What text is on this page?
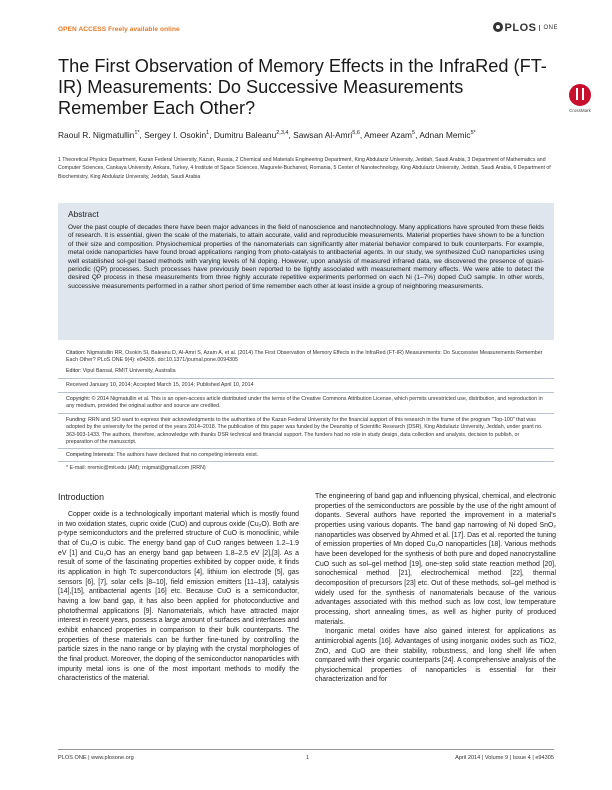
OPEN ACCESS Freely available online	PLOS ONE
The First Observation of Memory Effects in the InfraRed (FT-IR) Measurements: Do Successive Measurements Remember Each Other?	CrossMark
Raoul R. Nigmatullin$^{1*}$, Sergey I. Osokin$^1$, Dumitru Baleanu$^{2,3,4}$, Sawsan Al-Amri$^{5,6}$, Ameer Azam$^5$, Adnan Memic$^{5*}$
1 Theoretical Physics Department, Kazan Federal University, Kazan, Russia, 2 Chemical and Materials Engineering Department, King Abdulaziz University, Jeddah, Saudi Arabia, 3 Department of Mathematics and Computer Sciences, Cankaya University, Ankara, Turkey, 4 Institute of Space Sciences, Magurele-Bucharest, Romania, 5 Center of Nanotechnology, King Abdulaziz University, Jeddah, Saudi Arabia, 6 Department of Biochemistry, King Abdulaziz University, Jeddah, Saudi Arabia
Abstract
Over the past couple of decades there have been major advances in the field of nanoscience and nanotechnology. Many applications have sprouted from these fields of research. It is essential, given the scale of the materials, to attain accurate, valid and reproducible measurements. Material properties have shown to be a function of their size and composition. Physiochemical properties of the nanomaterials can significantly alter material behavior compared to bulk counterparts. For example, metal oxide nanoparticles have found broad applications ranging from photo-catalysis to antibacterial agents. In our study, we synthesized CuO nanoparticles using well established sol-gel based methods with varying levels of Ni doping. However, upon analysis of measured infrared data, we discovered the presence of quasi-periodic (QP) processes. Such processes have previously been reported to be tightly associated with measurement memory effects. We were able to detect the desired QP process in these measurements from three highly accurate repetitive experiments performed on each Ni (1–7%) doped CuO sample. In other words, successive measurements performed in a rather short period of time remember each other at least inside a group of neighboring measurements.
Citation: Nigmatullin RR, Osokin SI, Baleanu D, Al-Amri S, Azam A, et al. (2014) The First Observation of Memory Effects in the InfraRed (FT-IR) Measurements: Do Successive Measurements Remember Each Other? PLoS ONE 9(4): e94305. doi:10.1371/journal.pone.0094305
Editor: Vipul Bansal, RMIT University, Australia
Received January 10, 2014; Accepted March 15, 2014; Published April 10, 2014
Copyright: © 2014 Nigmatullin et al. This is an open-access article distributed under the terms of the Creative Commons Attribution License, which permits unrestricted use, distribution, and reproduction in any medium, provided the original author and source are credited.
Funding: RRN and SIO want to express their acknowledgments to the authorities of the Kazan Federal University for the financial support of this research in the frame of the program "Top-100" that was adopted by the university for the period of the years 2014–2018. The publication of this paper was funded by the Deanship of Scientific Research (DSR), King Abdulaziz University, Jeddah, under grant no. 363-903-1433. The authors, therefore, acknowledge with thanks DSR technical and financial support. The funders had no role in study design, data collection and analysis, decision to publish, or preparation of the manuscript.
Competing Interests: The authors have declared that no competing interests exist.
* E-mail: nremic@mit.edu (AM); rnigmat@gmail.com (RRN)
Introduction

Copper oxide is a technologically important material which is mostly found in two oxidation states, cupric oxide (CuO) and cuprous oxide (Cu₂O). Both are p-type semiconductors and the preferred structure of CuO is monoclinic, while that of Cu₂O is cubic. The energy band gap of CuO ranges between 1.2–1.9 eV [1] and Cu₂O has an energy band gap between 1.8–2.5 eV [2],[3]. As a result of some of the fascinating properties exhibited by copper oxide, it finds its application in high Tc superconductors [4], lithium ion electrode [5], gas sensors [6], [7], solar cells [8–10], field emission emitters [11–13], catalysis [14],[15], antibacterial agents [16] etc. Because CuO is a semiconductor, having a low band gap, it has also been applied for photoconductive and photothermal applications [9]. Nanomaterials, which have attracted major interest in recent years, possess a large amount of surfaces and interfaces and exhibit enhanced properties in comparison to their bulk counterparts. The properties of these materials can be further fine-tuned by controlling the particle sizes in the nano range or by playing with the crystal morphologies of the final product. Moreover, the doping of the semiconductor nanoparticles with impurity metal ions is one of the most important methods to modify the characteristics of the material.

The engineering of band gap and influencing physical, chemical, and electronic properties of the semiconductors are possible by the use of the right amount of dopants. Several authors have reported the improvement in a material's properties using various dopants. The band gap narrowing of Ni doped SnO₂ nanoparticles was observed by Ahmed et al. [17]. Das et al. reported the tuning of emission properties of Mn doped Cu₂O nanoparticles [18]. Various methods have been developed for the synthesis of both pure and doped nanocrystalline CuO such as sol–gel method [19], one-step solid state reaction method [20], sonochemical method [21], electrochemical method [22], thermal decomposition of precursors [23] etc. Out of these methods, sol–gel method is widely used for the synthesis of nanomaterials because of the various advantages associated with this method such as low cost, low temperature processing, short annealing times, as well as higher purity of produced materials.

Inorganic metal oxides have also gained interest for applications as antimicrobial agents [16]. Advantages of using inorganic oxides such as TiO2, ZnO, and CuO are their stability, robustness, and long shelf life when compared with their organic counterparts [24]. A comprehensive analysis of the physiochemical properties of nanoparticles is essential for their characterization and for

PLOS ONE | www.plosone.org	1	April 2014 | Volume 9 | Issue 4 | e94305
